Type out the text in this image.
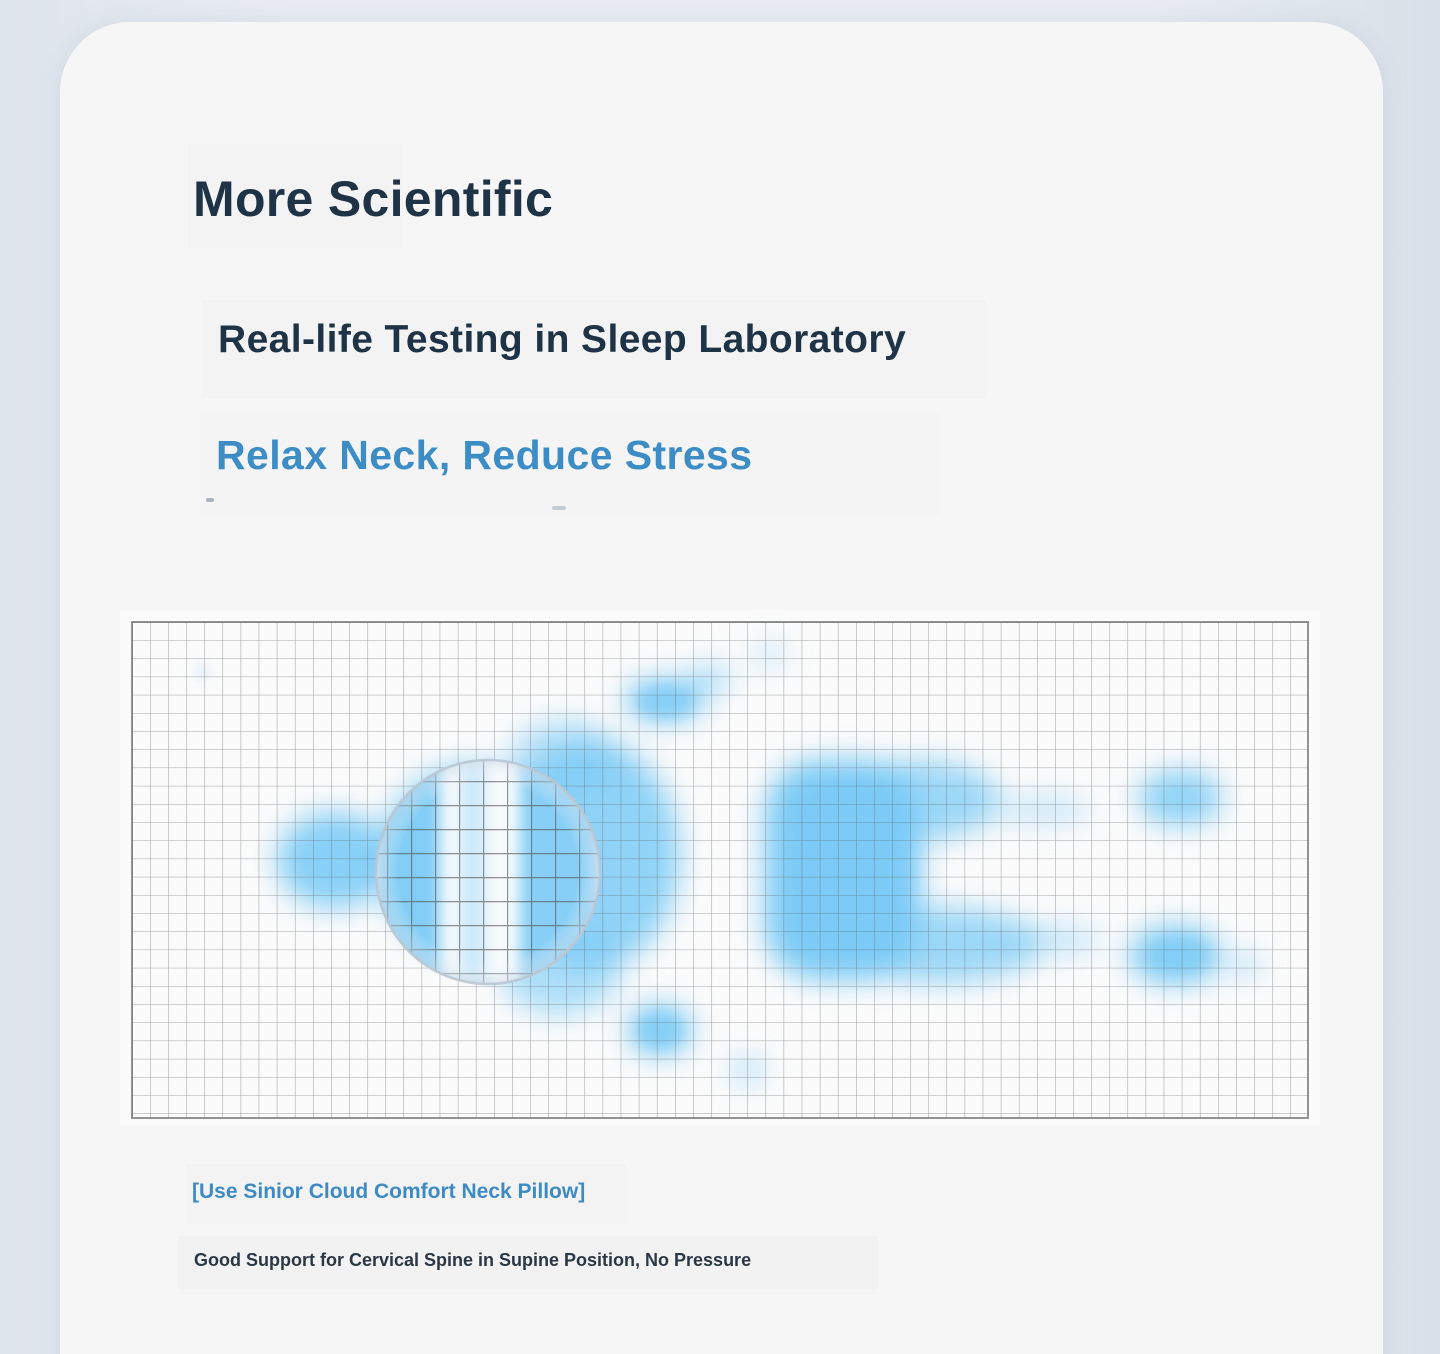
More Scientific
Real-life Testing in Sleep Laboratory
Relax Neck, Reduce Stress

[Use Sinior Cloud Comfort Neck Pillow]

Good Support for Cervical Spine in Supine Position, No Pressure
